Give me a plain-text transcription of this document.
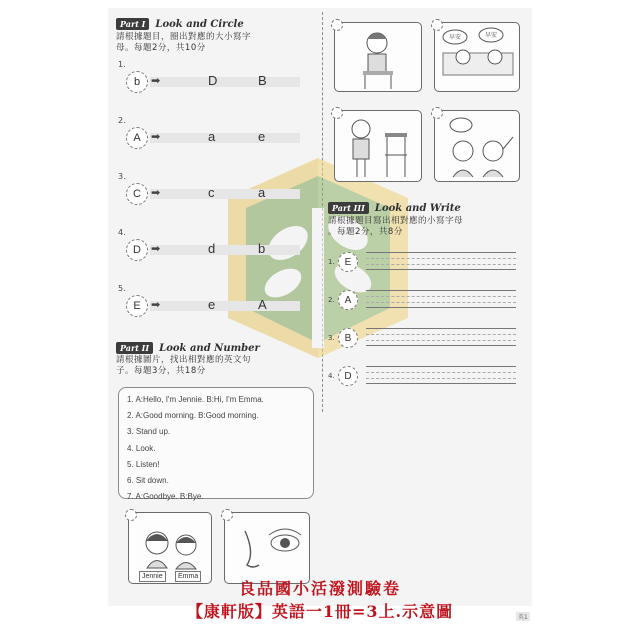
Part I	Look and Circle
請根據題目，圈出對應的大小寫字
母。每題2分，共10分
1.
b ➡	D	B
2.
A ➡	a	e
3.
C ➡	c	a
4.
D ➡	d	b
5.
E ➡	e	A
Part II	Look and Number
請根據圖片，找出相對應的英文句
子。每題3分，共18分
1. A:Hello, I'm Jennie. B:Hi, I'm Emma.
2. A:Good morning. B:Good morning.
3. Stand up.
4. Look.
5. Listen!
6. Sit down.
7. A:Goodbye. B:Bye.
Jennie	Emma
早安	早安
Part III	Look and Write
請根據題目寫出相對應的小寫字母
。每題2分，共8分
1. E
2. A
3. B
4. D
良品國小活潑測驗卷
【康軒版】英語一1冊=3上.示意圖	英1
